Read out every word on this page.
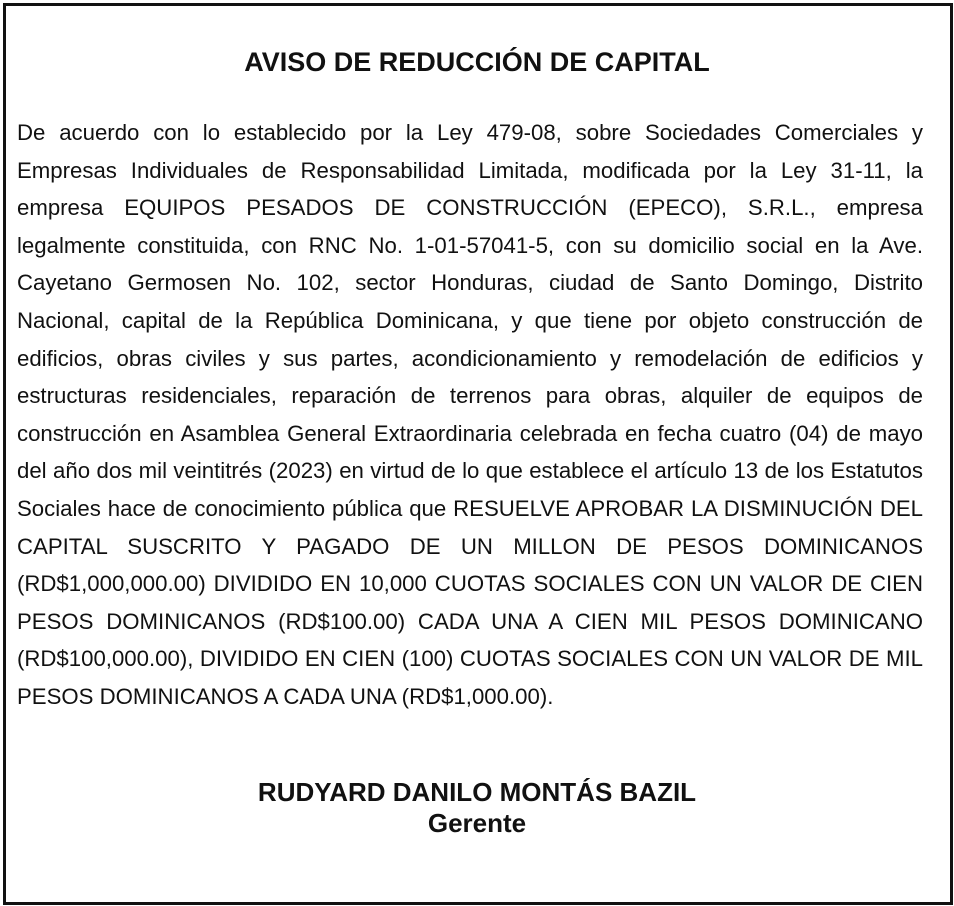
AVISO DE REDUCCIÓN DE CAPITAL

De acuerdo con lo establecido por la Ley 479-08, sobre Sociedades Comerciales y Empresas Individuales de Responsabilidad Limitada, modificada por la Ley 31-11, la empresa EQUIPOS PESADOS DE CONSTRUCCIÓN (EPECO), S.R.L., empresa legalmente constituida, con RNC No. 1-01-57041-5, con su domicilio social en la Ave. Cayetano Germosen No. 102, sector Honduras, ciudad de Santo Domingo, Distrito Nacional, capital de la República Dominicana, y que tiene por objeto construcción de edificios, obras civiles y sus partes, acondicionamiento y remodelación de edificios y estructuras residenciales, reparación de terrenos para obras, alquiler de equipos de construcción en Asamblea General Extraordinaria celebrada en fecha cuatro (04) de mayo del año dos mil veintitrés (2023) en virtud de lo que establece el artículo 13 de los Estatutos Sociales hace de conocimiento pública que RESUELVE APROBAR LA DISMINUCIÓN DEL CAPITAL SUSCRITO Y PAGADO DE UN MILLON DE PESOS DOMINICANOS (RD$1,000,000.00) DIVIDIDO EN 10,000 CUOTAS SOCIALES CON UN VALOR DE CIEN PESOS DOMINICANOS (RD$100.00) CADA UNA A CIEN MIL PESOS DOMINICANO (RD$100,000.00), DIVIDIDO EN CIEN (100) CUOTAS SOCIALES CON UN VALOR DE MIL PESOS DOMINICANOS A CADA UNA (RD$1,000.00).

RUDYARD DANILO MONTÁS BAZIL
Gerente
